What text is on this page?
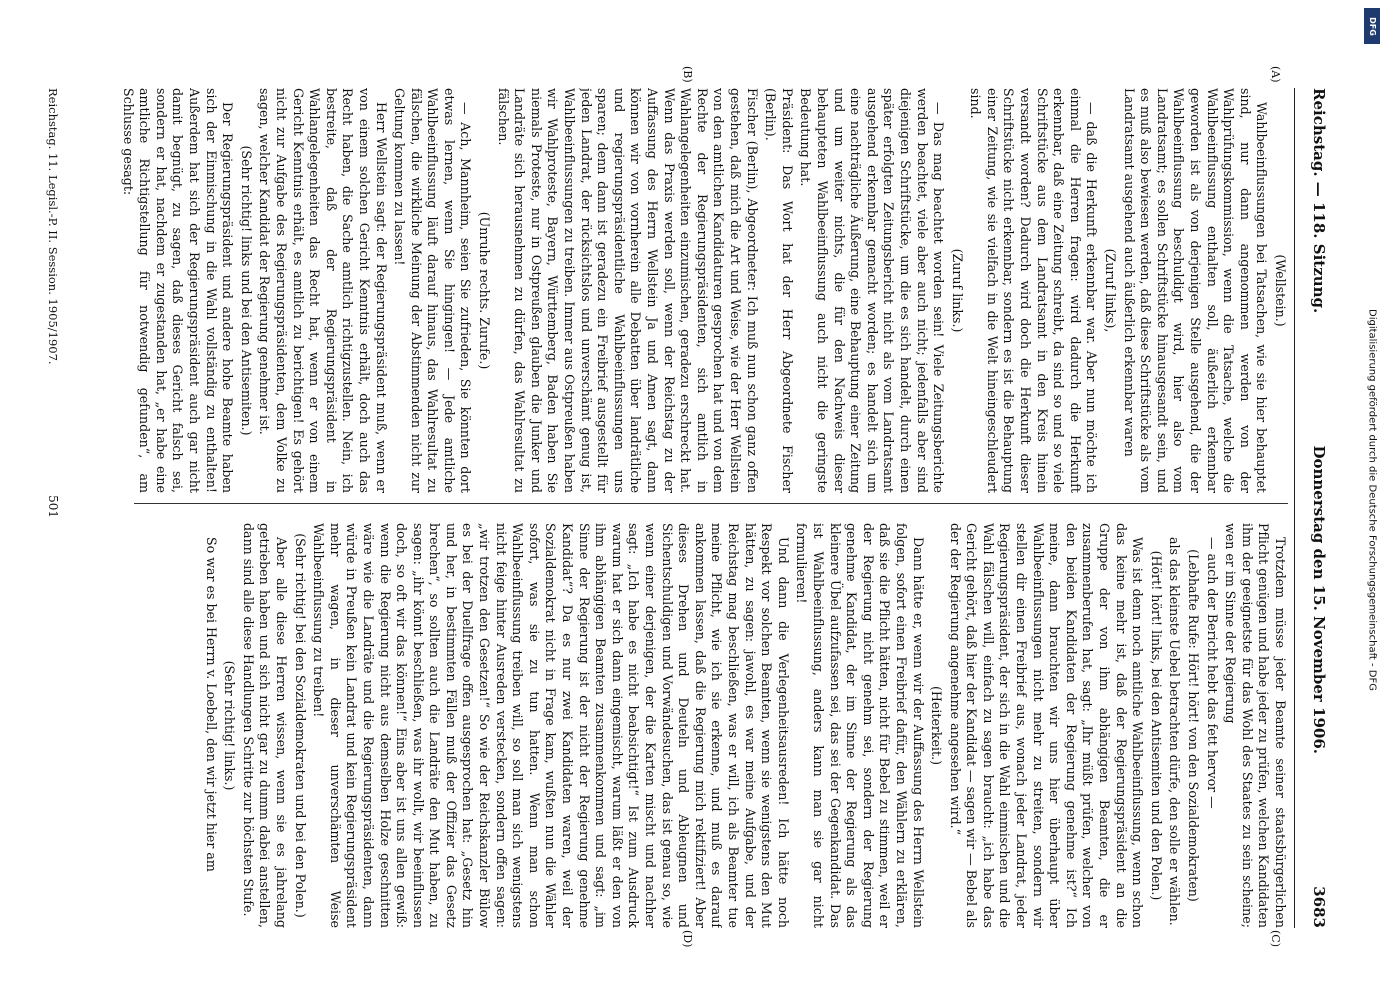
Reichstag. — 118. Sitzung.
Donnerstag den 15. November 1906.
3683

(Wellstein.)

Wahlbeeinflussungen bei Tatsachen, wie sie hier behauptet sind, nur dann angenommen werden von der Wahlprüfungskommission, wenn die Tatsache, welche die Wahlbeeinflussung enthalten soll, äußerlich erkennbar geworden ist als von derjenigen Stelle ausgehend, die der Wahlbeeinflussung beschuldigt wird, hier also vom Landratsamt; es sollen Schriftstücke hinausgesandt sein, und es muß also bewiesen werden, daß diese Schriftstücke als vom Landratsamt ausgehend auch äußerlich erkennbar waren

(Zuruf links),

— daß die Herkunft erkennbar war. Aber nun möchte ich einmal die Herren fragen: wird dadurch die Herkunft erkennbar, daß eine Zeitung schreibt, da sind so und so viele Schriftstücke aus dem Landratsamt in den Kreis hinein versandt worden? Dadurch wird doch die Herkunft dieser Schriftstücke nicht erkennbar, sondern es ist die Behauptung einer Zeitung, wie sie vielfach in die Welt hineingeschleudert sind.

(Zuruf links.)

— Das mag beachtet worden sein! Viele Zeitungsberichte werden beachtet, viele aber auch nicht; jedenfalls aber sind diejenigen Schriftstücke, um die es sich handelt, durch einen später erfolgten Zeitungsbericht nicht als vom Landratsamt ausgehend erkennbar gemacht worden; es handelt sich um eine nachträgliche Äußerung, eine Behauptung einer Zeitung und um weiter nichts, die für den Nachweis dieser behaupteten Wahlbeeinflussung auch nicht die geringste Bedeutung hat.

Präsident: Das Wort hat der Herr Abgeordnete Fischer (Berlin).

Fischer (Berlin), Abgeordneter: Ich muß nun schon ganz offen gestehen, daß mich die Art und Weise, wie der Herr Wellstein von den amtlichen Kandidaturen gesprochen hat und von dem Rechte der Regierungspräsidenten, sich amtlich in Wahlangelegenheiten einzumischen, geradezu erschreckt hat. Wenn das Praxis werden soll, wenn der Reichstag zu der Auffassung des Herrn Wellstein Ja und Amen sagt, dann können wir von vornherein alle Debatten über landrätliche und regierungspräsidentliche Wahlbeeinflussungen uns sparen; denn dann ist geradezu ein Freibrief ausgestellt für jeden Landrat, der rücksichtslos und unverschämt genug ist, Wahlbeeinflussungen zu treiben. Immer aus Ostpreußen haben wir Wahlproteste, Bayern, Württemberg, Baden haben Sie niemals Proteste, nur in Ostpreußen glauben die Junker und Landräte sich herausnehmen zu dürfen, das Wahlresultat zu fälschen.

(Unruhe rechts. Zurufe.)

— Ach, Mannheim, seien Sie zufrieden, Sie könnten dort etwas lernen, wenn Sie hingingen! — Jede amtliche Wahlbeeinflussung läuft darauf hinaus, das Wahlresultat zu fälschen, die wirkliche Meinung der Abstimmenden nicht zur Geltung kommen zu lassen!

Herr Wellstein sagt: der Regierungspräsident muß, wenn er von einem solchen Gericht Kenntnis erhält, doch auch das Recht haben, die Sache amtlich richtigzustellen. Nein, ich bestreite, daß der Regierungspräsident in Wahlangelegenheiten das Recht hat, wenn er von einem Gericht Kenntnis erhält, es amtlich zu berichtigen! Es gehört nicht zur Aufgabe des Regierungspräsidenten, dem Volke zu sagen, welcher Kandidat der Regierung genehmer ist.

(Sehr richtig! links und bei den Antisemiten.)

Der Regierungspräsident und andere hohe Beamte haben sich der Einmischung in die Wahl vollständig zu enthalten! Außerdem hat sich der Regierungspräsident auch gar nicht damit begnügt, zu sagen, daß dieses Gericht falsch sei, sondern er hat, nachdem er zugestanden hat, „er habe eine amtliche Richtigstellung für notwendig gefunden“, am Schlusse gesagt:

Trotzdem müsse jeder Beamte seiner staatsbürgerlichen Pflicht genügen und habe jeder zu prüfen, welchen Kandidaten ihm der geeignetste für das Wohl des Staates zu sein scheine; wen er im Sinne der Regierung

— auch der Bericht hebt das fett hervor —

(Lebhafte Rufe: Hört! hört! von den Sozialdemokraten)

als das kleinste Uebel betrachten dürfe, den solle er wählen.

(Hört! hört! links, bei den Antisemiten und den Polen.)

Was ist denn noch amtliche Wahlbeeinflussung, wenn schon das keine mehr ist, daß der Regierungspräsident an die Gruppe der von ihm abhängigen Beamten, die er zusammenberufen hat, sagt: „Ihr müßt prüfen, welcher von den beiden Kandidaten der Regierung genehme ist?“ Ich meine, dann brauchten wir uns hier überhaupt über Wahlbeeinflussungen nicht mehr zu streiten, sondern wir stellen dir einen Freibrief aus, wonach jeder Landrat, jeder Regierungspräsident, der sich in die Wahl einmischen und die Wahl fälschen will, einfach zu sagen braucht: „ich habe das Gericht gehört, daß hier der Kandidat — sagen wir — Bebel als der der Regierung angenehme angesehen wird.“

(Heiterkeit.)

Dann hätte er, wenn wir der Auffassung des Herrn Wellstein folgen, sofort einen Freibrief dafür, den Wählern zu erklären, daß sie die Pflicht hätten, nicht für Bebel zu stimmen, weil er der Regierung nicht genehm sei, sondern der Regierung genehme Kandidat, der im Sinne der Regierung als das kleinere Übel aufzufassen sei, das sei der Gegenkandidat. Das ist Wahlbeeinflussung, anders kann man sie gar nicht formulieren!

Und dann die Verlegenheitsausreden! Ich hätte noch Respekt vor solchen Beamten, wenn sie wenigstens den Mut hätten, zu sagen: jawohl, es war meine Aufgabe, und der Reichstag mag beschließen, was er will, ich als Beamter tue meine Pflicht, wie ich sie erkenne, und muß es darauf ankommen lassen, daß die Regierung mich rektifiziert! Aber dieses Drehen und Deuteln und Ableugnen und Sichentschuldigen und Vorwändesuchen, das ist genau so, wie wenn einer derjenigen, der die Karten mischt und nachher sagt: „Ich habe es nicht beabsichtigt!“ Ist zum Ausdruck warum hat er sich dann eingemischt, warum läßt er den von ihm abhängigen Beamten zusammenkommen und sagt: „im Sinne der Regierung ist der nicht der Regierung genehme Kandidat“? Da es nur zwei Kandidaten waren, weil der Sozialdemokrat nicht in Frage kam, wußten nun die Wähler sofort, was sie zu tun hatten. Wenn man schon Wahlbeeinflussung treiben will, so soll man sich wenigstens nicht feige hinter Ausreden verstecken, sondern offen sagen: „wir trotzen den Gesetzen!“ So wie der Reichskanzler Bülow es bei der Duellfrage offen ausgesprochen hat: „Gesetz hin und her, in bestimmten Fällen muß der Offizier das Gesetz brechen“, so sollten auch die Landräte den Mut haben, zu sagen: „ihr könnt beschließen, was ihr wollt, wir beeinflussen doch, so oft wir das können!“ Eins aber ist uns allen gewiß: wenn die Regierung nicht aus demselben Holze geschnitten wäre wie die Landräte und die Regierungspräsidenten, dann würde in Preußen kein Landrat und kein Regierungspräsident mehr wagen, in dieser unverschämten Weise Wahlbeeinflussung zu treiben!

(Sehr richtig! bei den Sozialdemokraten und bei den Polen.)

Aber alle diese Herren wissen, wenn sie es jahrelang getrieben haben und sich nicht gar zu dumm dabei anstellen, dann sind alle diese Handlungen Schritte zur höchsten Stufe.

(Sehr richtig! links.)

So war es bei Herrn v. Loebell, den wir jetzt hier am

(A)
(B)
(C)
(D)
Reichstag. 11. Legisl.-P. II. Session. 1905/1907.
501
DFG
Digitalisierung gefördert durch die Deutsche Forschungsgemeinschaft - DFG
